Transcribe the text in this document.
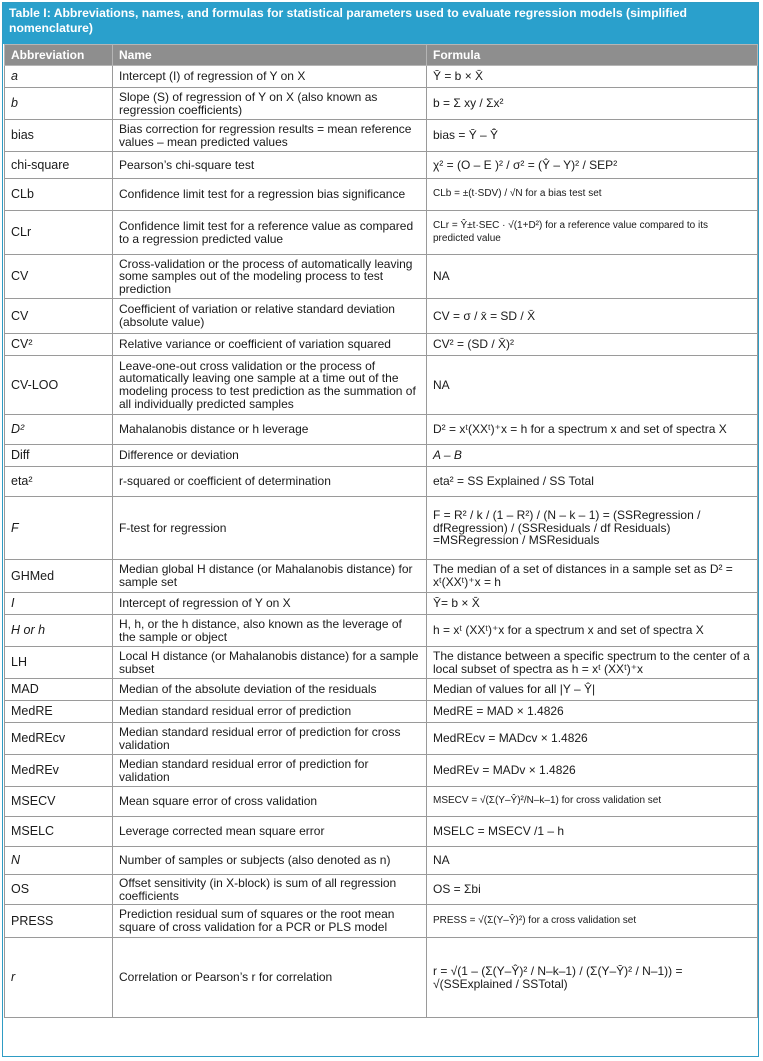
Table I: Abbreviations, names, and formulas for statistical parameters used to evaluate regression models (simplified nomenclature)
Abbreviation	Name	Formula
a	Intercept (I) of regression of Y on X	Ȳ = b × X̄
b	Slope (S) of regression of Y on X (also known as regression coefficients)	b = Σ xy / Σx²
bias	Bias correction for regression results = mean reference values – mean predicted values	bias = Ȳ – Ŷ̄
chi-square	Pearson’s chi-square test	χ² = (O – E )² / σ² = (Ŷ – Y)² / SEP²
CLb	Confidence limit test for a regression bias significance	CLb = ±(t·SDV) / √N for a bias test set
CLr	Confidence limit test for a reference value as compared to a regression predicted value	CLr = Ŷ±t·SEC · √(1+D²) for a reference value compared to its predicted value
CV	Cross-validation or the process of automatically leaving some samples out of the modeling process to test prediction	NA
CV	Coefficient of variation or relative standard deviation (absolute value)	CV = σ / x̄ = SD / X̄
CV²	Relative variance or coefficient of variation squared	CV² = (SD / X̄)²
CV-LOO	Leave-one-out cross validation or the process of automatically leaving one sample at a time out of the modeling process to test prediction as the summation of all individually predicted samples	NA
D²	Mahalanobis distance or h leverage	D² = xᵗ(XXᵗ)⁺x = h for a spectrum x and set of spectra X
Diff	Difference or deviation	A – B
eta²	r-squared or coefficient of determination	eta² = SS Explained / SS Total
F	F-test for regression	F = R² / k / (1 – R²) / (N – k – 1) = (SSRegression / dfRegression) / (SSResiduals / df Residuals) =MSRegression / MSResiduals
GHMed	Median global H distance (or Mahalanobis distance) for sample set	The median of a set of distances in a sample set as D² = xᵗ(XXᵗ)⁺x = h
I	Intercept of regression of Y on X	Ȳ= b × X̄
H or h	H, h, or the h distance, also known as the leverage of the sample or object	h = xᵗ (XXᵗ)⁺x for a spectrum x and set of spectra X
LH	Local H distance (or Mahalanobis distance) for a sample subset	The distance between a specific spectrum to the center of a local subset of spectra as h = xᵗ (XXᵗ)⁺x
MAD	Median of the absolute deviation of the residuals	Median of values for all |Y – Ŷ|
MedRE	Median standard residual error of prediction	MedRE = MAD × 1.4826
MedREcv	Median standard residual error of prediction for cross validation	MedREcv = MADcv × 1.4826
MedREv	Median standard residual error of prediction for validation	MedREv = MADv × 1.4826
MSECV	Mean square error of cross validation	MSECV = √(Σ(Y–Ŷ)²/N–k–1) for cross validation set
MSELC	Leverage corrected mean square error	MSELC = MSECV /1 – h
N	Number of samples or subjects (also denoted as n)	NA
OS	Offset sensitivity (in X-block) is sum of all regression coefficients	OS = Σbi
PRESS	Prediction residual sum of squares or the root mean square of cross validation for a PCR or PLS model	PRESS = √(Σ(Y–Ŷ)²) for a cross validation set
r	Correlation or Pearson’s r for correlation	r = √(1 – (Σ(Y–Ŷ)² / N–k–1) / (Σ(Y–Ȳ)² / N–1)) = √(SSExplained / SSTotal)
